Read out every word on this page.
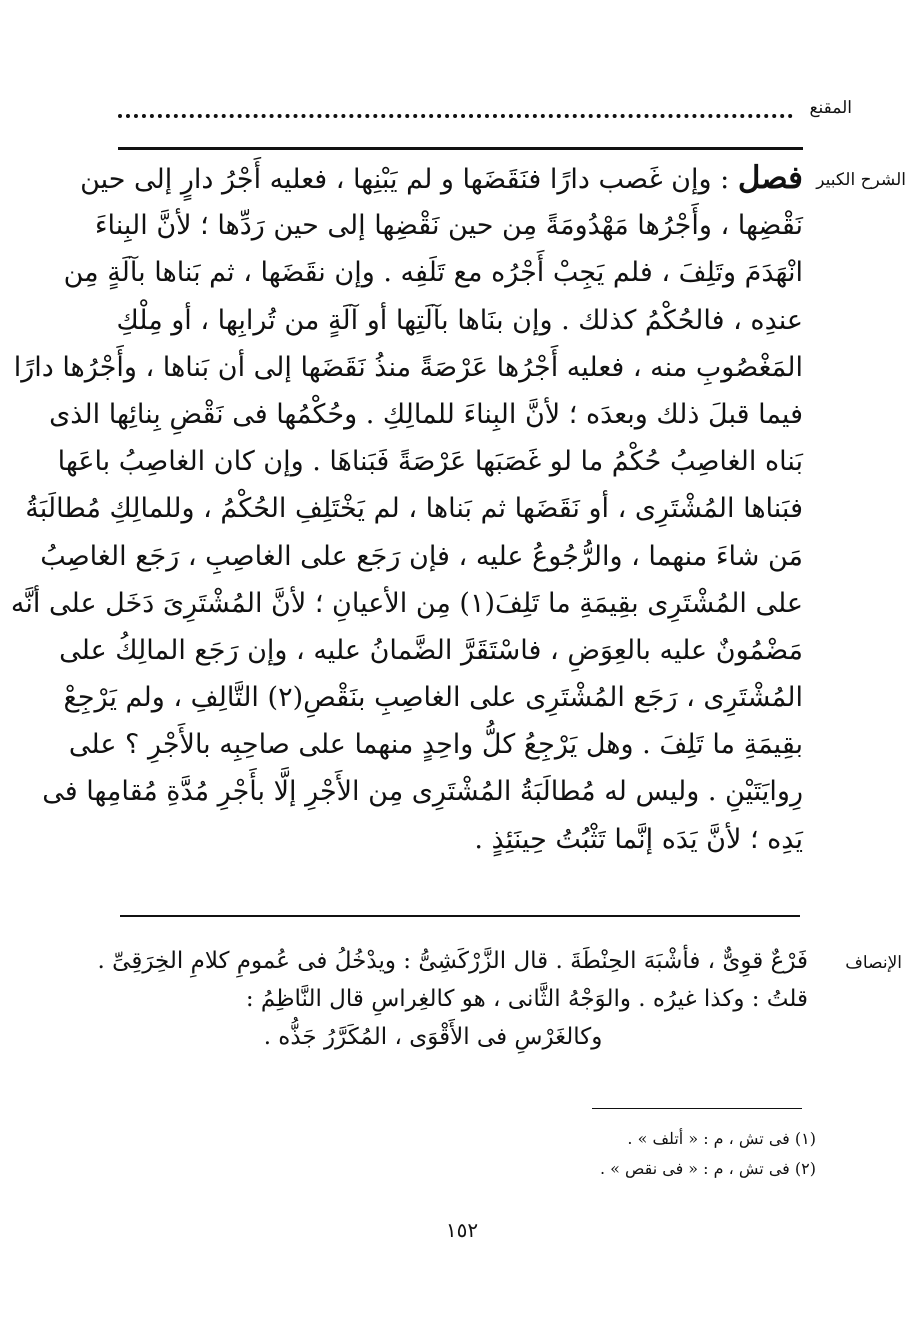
المقنع
الشرح الكبير
فصل : وإن غَصب دارًا فنَقَضَها و لم يَبْنِها ، فعليه أَجْرُ دارٍ إلى حين
نَقْضِها ، وأَجْرُها مَهْدُومَةً مِن حين نَقْضِها إلى حين رَدِّها ؛ لأنَّ البِناءَ
انْهَدَمَ وتَلِفَ ، فلم يَجِبْ أَجْرُه مع تَلَفِه . وإن نقَضَها ، ثم بَناها بآلَةٍ مِن
عندِه ، فالحُكْمُ كذلك . وإن بنَاها بآلَتِها أو آلَةٍ من تُرابِها ، أو مِلْكِ
المَغْصُوبِ منه ، فعليه أَجْرُها عَرْصَةً منذُ نَقَضَها إلى أن بَناها ، وأَجْرُها دارًا
فيما قبلَ ذلك وبعدَه ؛ لأنَّ البِناءَ للمالِكِ . وحُكْمُها فى نَقْضِ بِنائِها الذى
بَناه الغاصِبُ حُكْمُ ما لو غَصَبَها عَرْصَةً فَبَناهَا . وإن كان الغاصِبُ باعَها
فبَناها المُشْتَرِى ، أو نَقَضَها ثم بَناها ، لم يَخْتَلِفِ الحُكْمُ ، وللمالِكِ مُطالَبَةُ
مَن شاءَ منهما ، والرُّجُوعُ عليه ، فإن رَجَع على الغاصِبِ ، رَجَع الغاصِبُ
على المُشْتَرِى بقِيمَةِ ما تَلِفَ(١) مِن الأعيانِ ؛ لأنَّ المُشْتَرِىَ دَخَل على أنَّه
مَضْمُونٌ عليه بالعِوَضِ ، فاسْتَقَرَّ الضَّمانُ عليه ، وإن رَجَع المالِكُ على
المُشْتَرِى ، رَجَع المُشْتَرِى على الغاصِبِ بنَقْصِ(٢) التَّالِفِ ، ولم يَرْجِعْ
بقِيمَةِ ما تَلِفَ . وهل يَرْجِعُ كلُّ واحِدٍ منهما على صاحِبِه بالأَجْرِ ؟ على
رِوايَتَيْنِ . وليس له مُطالَبَةُ المُشْتَرِى مِن الأَجْرِ إلَّا بأَجْرِ مُدَّةِ مُقامِها فى
يَدِه ؛ لأنَّ يَدَه إنَّما تَثْبُتُ حِينَئِذٍ .
الإنصاف
فَرْعٌ قوِىٌّ ، فأشْبَهَ الحِنْطَةَ . قال الزَّرْكَشِىُّ : ويدْخُلُ فى عُمومِ كلامِ الخِرَقِىِّ .
قلتُ : وكذا غيرُه . والوَجْهُ الثَّانى ، هو كالغِراسِ قال النَّاظِمُ :
وكالغَرْسِ فى الأَقْوَى ، المُكَرَّرُ جَذُّه .
(١) فى تش ، م : « أتلف » .
(٢) فى تش ، م : « فى نقص » .
١٥٢
